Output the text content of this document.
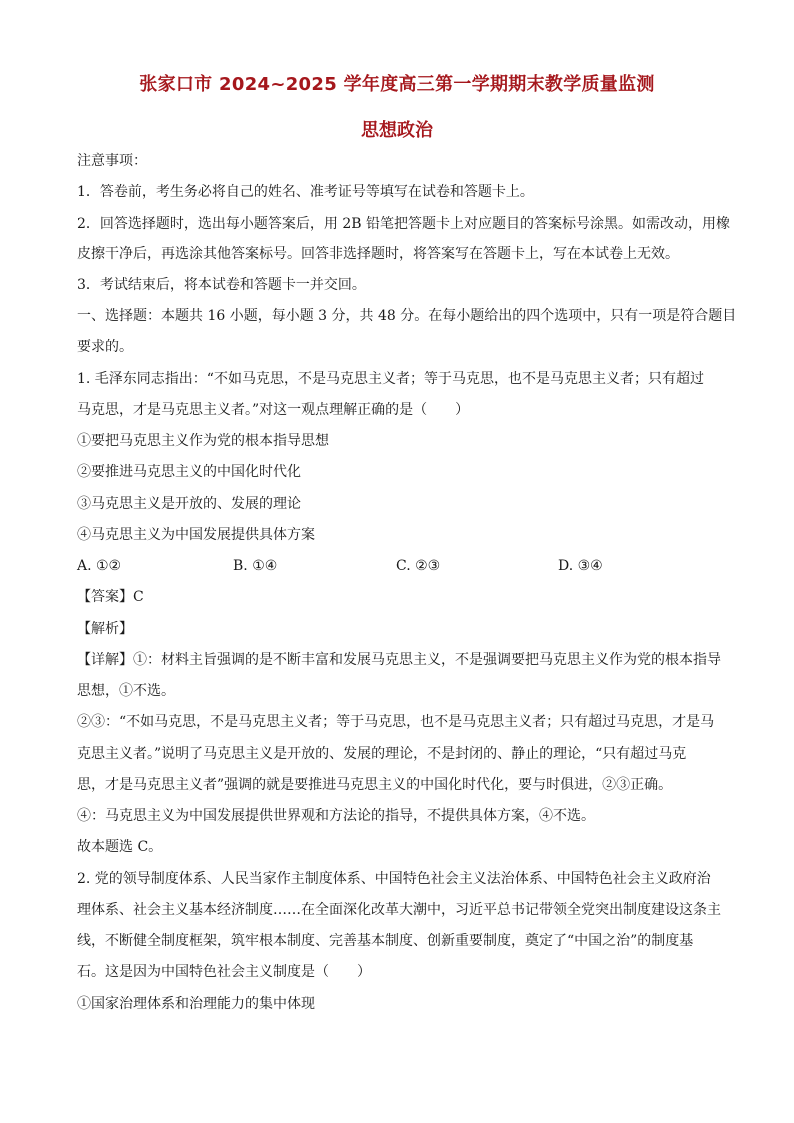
张家口市 2024~2025 学年度高三第一学期期末教学质量监测
思想政治
注意事项：
1．答卷前，考生务必将自己的姓名、准考证号等填写在试卷和答题卡上。
2．回答选择题时，选出每小题答案后，用 2B 铅笔把答题卡上对应题目的答案标号涂黑。如需改动，用橡
皮擦干净后，再选涂其他答案标号。回答非选择题时，将答案写在答题卡上，写在本试卷上无效。
3．考试结束后，将本试卷和答题卡一并交回。
一、选择题：本题共 16 小题，每小题 3 分，共 48 分。在每小题给出的四个选项中，只有一项是符合题目
要求的。
1. 毛泽东同志指出：“不如马克思，不是马克思主义者；等于马克思，也不是马克思主义者；只有超过
马克思，才是马克思主义者。”对这一观点理解正确的是（　　）
①要把马克思主义作为党的根本指导思想
②要推进马克思主义的中国化时代化
③马克思主义是开放的、发展的理论
④马克思主义为中国发展提供具体方案
A. ①②	B. ①④	C. ②③	D. ③④
【答案】C
【解析】
【详解】①：材料主旨强调的是不断丰富和发展马克思主义，不是强调要把马克思主义作为党的根本指导
思想，①不选。
②③：“不如马克思，不是马克思主义者；等于马克思，也不是马克思主义者；只有超过马克思，才是马
克思主义者。”说明了马克思主义是开放的、发展的理论，不是封闭的、静止的理论，“只有超过马克
思，才是马克思主义者”强调的就是要推进马克思主义的中国化时代化，要与时俱进，②③正确。
④：马克思主义为中国发展提供世界观和方法论的指导，不提供具体方案，④不选。
故本题选 C。
2. 党的领导制度体系、人民当家作主制度体系、中国特色社会主义法治体系、中国特色社会主义政府治
理体系、社会主义基本经济制度……在全面深化改革大潮中，习近平总书记带领全党突出制度建设这条主
线，不断健全制度框架，筑牢根本制度、完善基本制度、创新重要制度，奠定了“中国之治”的制度基
石。这是因为中国特色社会主义制度是（　　）
①国家治理体系和治理能力的集中体现
